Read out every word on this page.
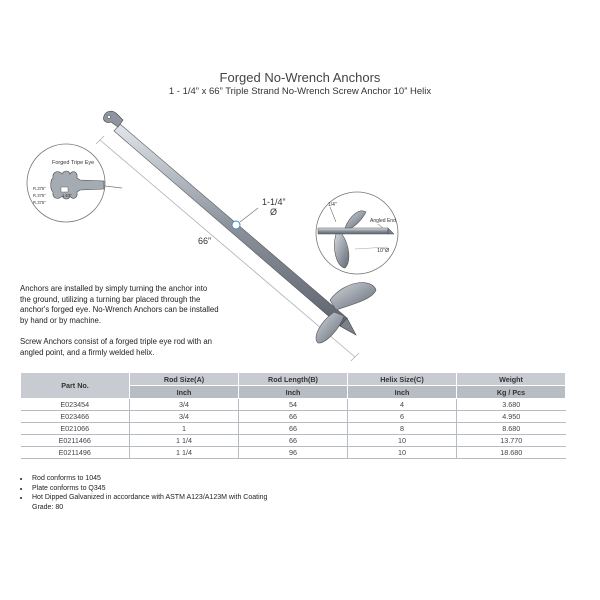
Forged No-Wrench Anchors
1 - 1/4” x 66” Triple Strand No-Wrench Screw Anchor 10” Helix
66”
1-1/4”
Ø
Forged Tripe Eye
R.375"
R.375"
R.375"
1.67"
1/4"
Angled End
10”Ø
Anchors are installed by simply turning the anchor into the ground, utilizing a turning bar placed through the anchor's forged eye. No-Wrench Anchors can be installed by hand or by machine.
Screw Anchors consist of a forged triple eye rod with an angled point, and a firmly welded helix.
Part No.	Rod Size(A)	Rod Length(B)	Helix Size(C)	Weight
	Inch	Inch	Inch	Kg / Pcs
E023454	3/4	54	4	3.680
E023466	3/4	66	6	4.950
E021066	1	66	8	8.680
E0211466	1 1/4	66	10	13.770
E0211496	1 1/4	96	10	18.680
• Rod conforms to 1045
• Plate conforms to Q345
• Hot Dipped Galvanized in accordance with ASTM A123/A123M with Coating Grade: 80
